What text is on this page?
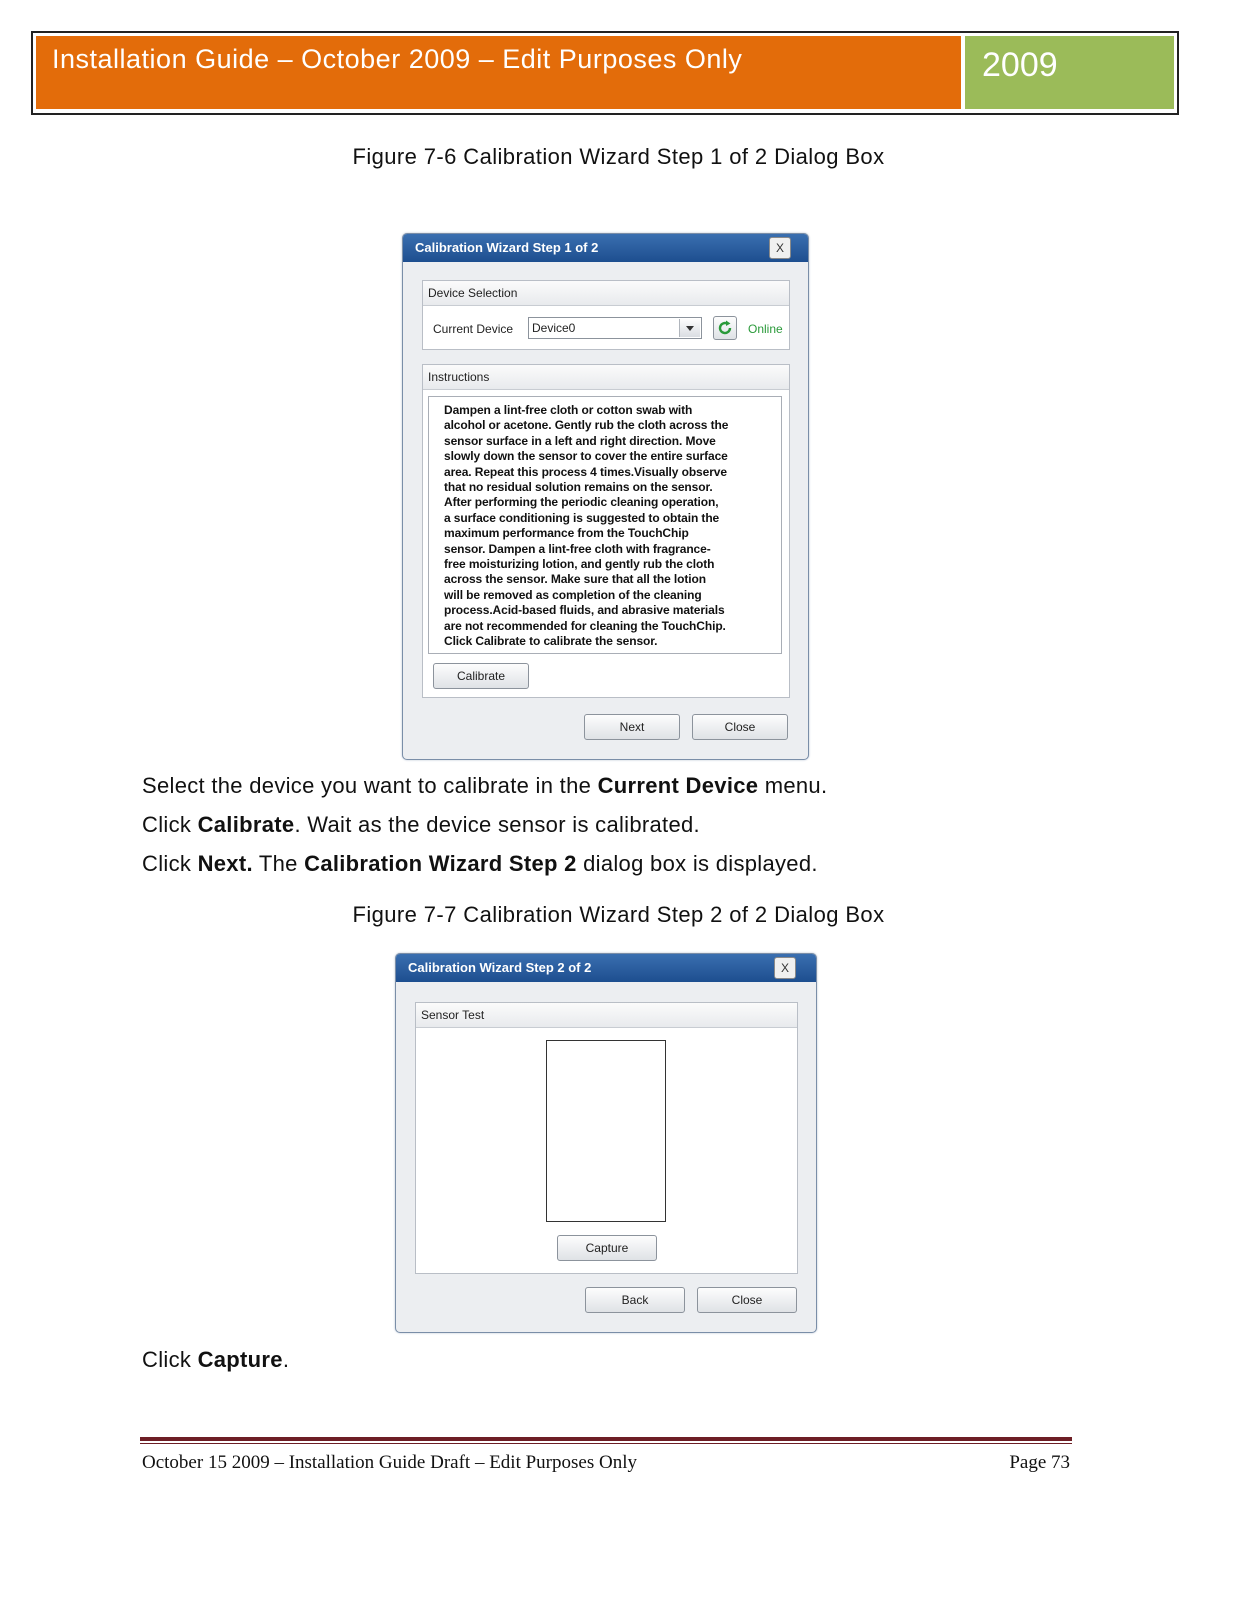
Installation Guide – October 2009 – Edit Purposes Only	2009
Figure 7-6 Calibration Wizard Step 1 of 2 Dialog Box
Calibration Wizard Step 1 of 2	X
Device Selection
Current Device Device0	Online
Instructions
Dampen a lint-free cloth or cotton swab with
alcohol or acetone. Gently rub the cloth across the
sensor surface in a left and right direction. Move
slowly down the sensor to cover the entire surface
area. Repeat this process 4 times.Visually observe
that no residual solution remains on the sensor.
After performing the periodic cleaning operation,
a surface conditioning is suggested to obtain the
maximum performance from the TouchChip
sensor. Dampen a lint-free cloth with fragrance-
free moisturizing lotion, and gently rub the cloth
across the sensor. Make sure that all the lotion
will be removed as completion of the cleaning
process.Acid-based fluids, and abrasive materials
are not recommended for cleaning the TouchChip.
Click Calibrate to calibrate the sensor.
Calibrate
Next	Close
Select the device you want to calibrate in the Current Device menu.
Click Calibrate. Wait as the device sensor is calibrated.
Click Next. The Calibration Wizard Step 2 dialog box is displayed.
Figure 7-7 Calibration Wizard Step 2 of 2 Dialog Box
Calibration Wizard Step 2 of 2	X
Sensor Test
Capture
Back	Close
Click Capture.
October 15 2009 – Installation Guide Draft – Edit Purposes Only	Page 73
